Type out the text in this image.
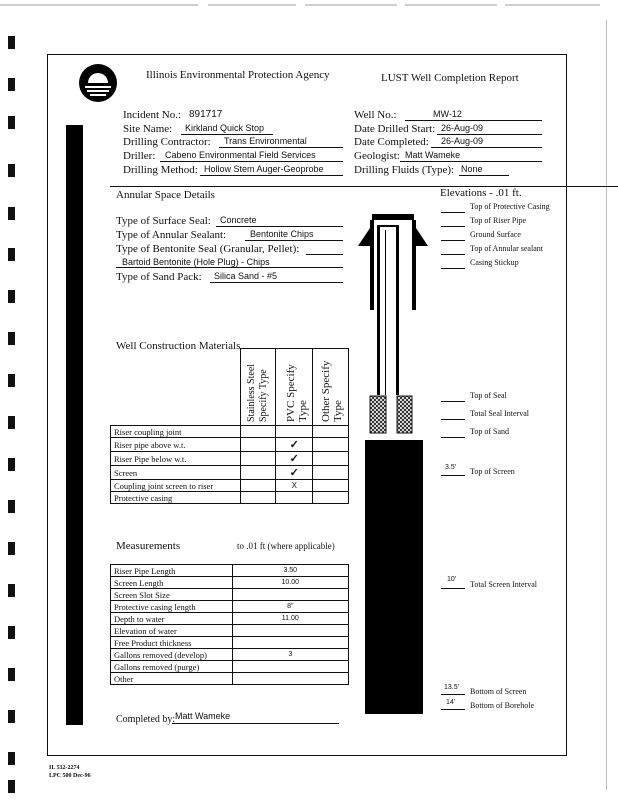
Illinois Environmental Protection Agency	LUST Well Completion Report
Incident No.: 891717
Site Name: Kirkland Quick Stop
Drilling Contractor: Trans Environmental
Driller: Cabeno Environmental Field Services
Drilling Method: Hollow Stem Auger-Geoprobe
Well No.:	MW-12
Date Drilled Start: 26-Aug-09
Date Completed: 26-Aug-09
Geologist: Matt Wameke
Drilling Fluids (Type): None
Annular Space Details
Type of Surface Seal: Concrete
Type of Annular Sealant:	Bentonite Chips
Type of Bentonite Seal (Granular, Pellet):
Bartoid Bentonite (Hole Plug) - Chips
Type of Sand Pack: Silica Sand - #5
Well Construction Materials
Stainless Steel Specify Type PVC Specify Type Other Specify Type
Riser coupling joint			
Riser pipe above w.t.		✓	
Riser Pipe below w.t.		✓	
Screen		✓	
Coupling joint screen to riser		X	
Protective casing			
Measurements	to .01 ft (where applicable)
Riser Pipe Length	3.50
Screen Length	10.00
Screen Slot Size	
Protective casing length	8"
Depth to water	11.00
Elevation of water	
Free Product thickness	
Gallons removed (develop)	3
Gallons removed (purge)	
Other	
Completed by: Matt Wameke
IL 532-2274
LPC 500 Dec-96
Elevations - .01 ft.
Top of Protective Casing
Top of Riser Pipe
Ground Surface
Top of Annular sealant
Casing Stickup
Top of Seal
Total Seal Interval
Top of Sand
3.5' Top of Screen
10'
Total Screen Interval
13.5' Bottom of Screen
14' Bottom of Borehole
